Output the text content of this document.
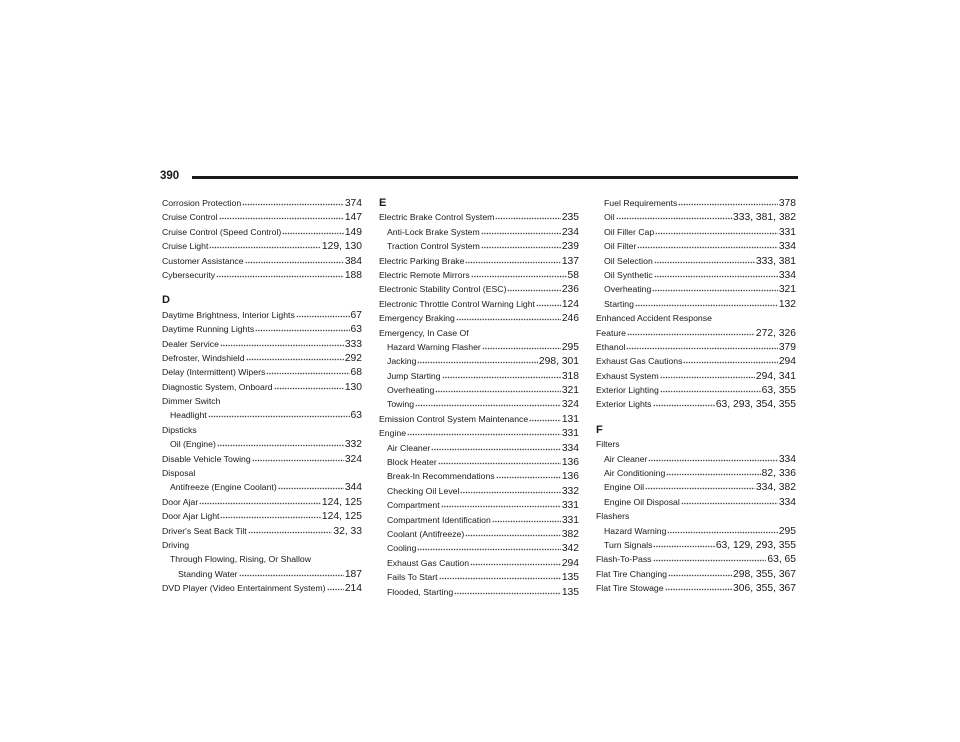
390
Corrosion Protection	374
Cruise Control	147
Cruise Control (Speed Control)	149
Cruise Light	129, 130
Customer Assistance	384
Cybersecurity	188
D
Daytime Brightness, Interior Lights	67
Daytime Running Lights	63
Dealer Service	333
Defroster, Windshield	292
Delay (Intermittent) Wipers	68
Diagnostic System, Onboard	130
Dimmer Switch
Headlight	63
Dipsticks
Oil (Engine)	332
Disable Vehicle Towing	324
Disposal
Antifreeze (Engine Coolant)	344
Door Ajar	124, 125
Door Ajar Light	124, 125
Driver's Seat Back Tilt	32, 33
Driving
Through Flowing, Rising, Or Shallow
Standing Water	187
DVD Player (Video Entertainment System) 214
E
Electric Brake Control System	235
Anti-Lock Brake System	234
Traction Control System	239
Electric Parking Brake	137
Electric Remote Mirrors	58
Electronic Stability Control (ESC)	236
Electronic Throttle Control Warning Light	124
Emergency Braking	246
Emergency, In Case Of
Hazard Warning Flasher	295
Jacking	298, 301
Jump Starting	318
Overheating	321
Towing	324
Emission Control System Maintenance	131
Engine	331
Air Cleaner	334
Block Heater	136
Break-In Recommendations	136
Checking Oil Level	332
Compartment	331
Compartment Identification	331
Coolant (Antifreeze)	382
Cooling	342
Exhaust Gas Caution	294
Fails To Start	135
Flooded, Starting	135
Fuel Requirements	378
Oil	333, 381, 382
Oil Filler Cap	331
Oil Filter	334
Oil Selection	333, 381
Oil Synthetic	334
Overheating	321
Starting	132
Enhanced Accident Response
Feature	272, 326
Ethanol	379
Exhaust Gas Cautions	294
Exhaust System	294, 341
Exterior Lighting	63, 355
Exterior Lights	63, 293, 354, 355
F
Filters
Air Cleaner	334
Air Conditioning	82, 336
Engine Oil	334, 382
Engine Oil Disposal	334
Flashers
Hazard Warning	295
Turn Signals	63, 129, 293, 355
Flash-To-Pass	63, 65
Flat Tire Changing	298, 355, 367
Flat Tire Stowage	306, 355, 367
